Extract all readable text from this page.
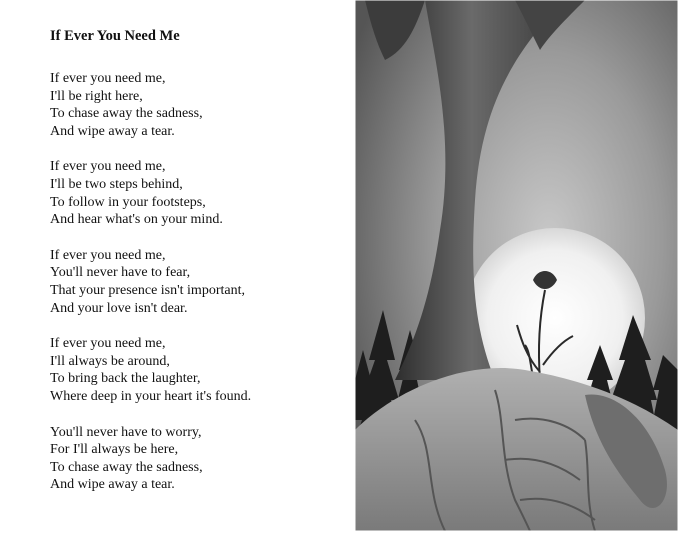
If Ever You Need Me
If ever you need me,
I'll be right here,
To chase away the sadness,
And wipe away a tear.
If ever you need me,
I'll be two steps behind,
To follow in your footsteps,
And hear what's on your mind.
If ever you need me,
You'll never have to fear,
That your presence isn't important,
And your love isn't dear.
If ever you need me,
I'll always be around,
To bring back the laughter,
Where deep in your heart it's found.
You'll never have to worry,
For I'll always be here,
To chase away the sadness,
And wipe away a tear.
